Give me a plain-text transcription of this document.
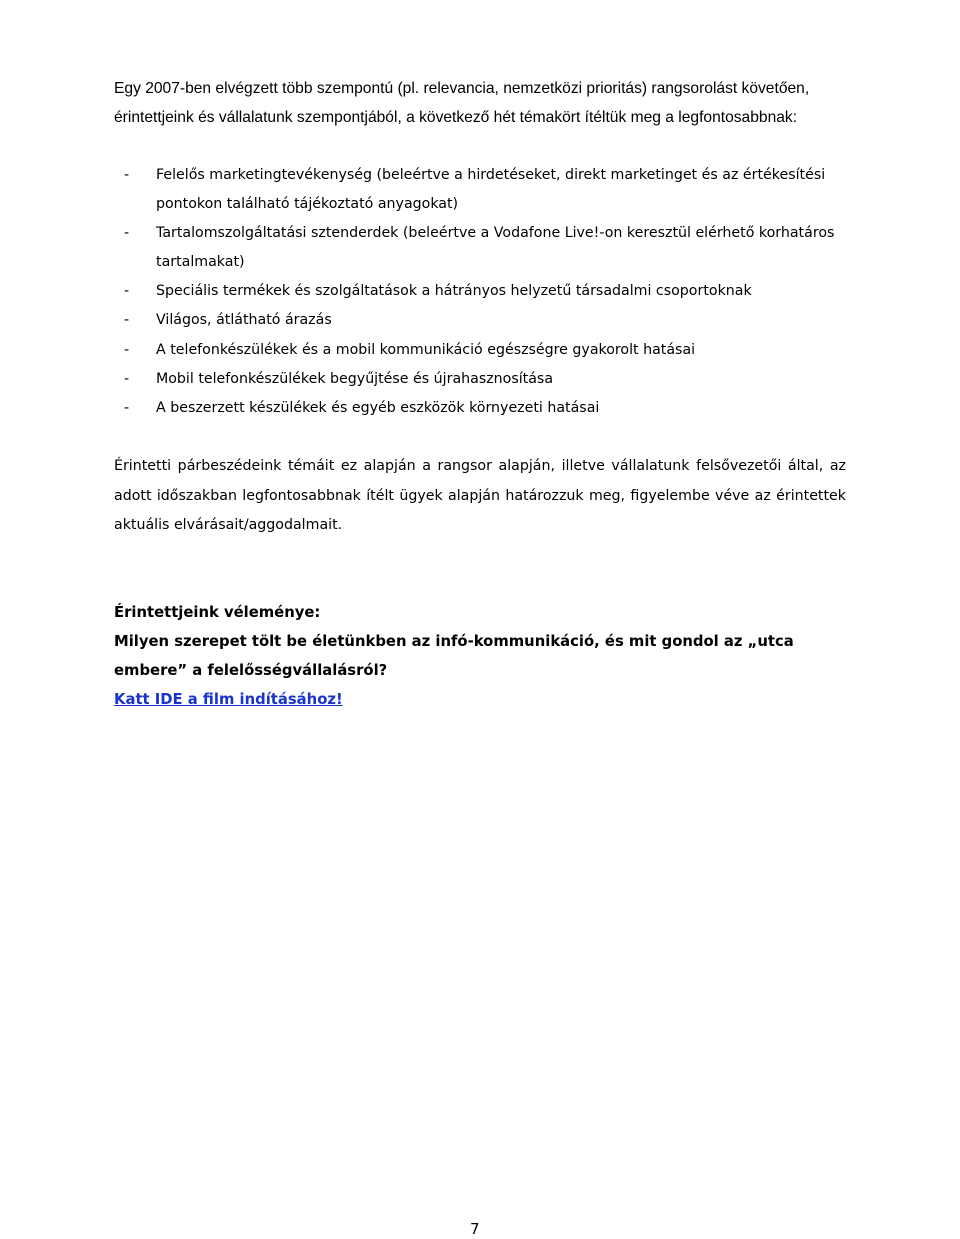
Egy 2007-ben elvégzett több szempontú (pl. relevancia, nemzetközi prioritás) rangsorolást követően, érintettjeink és vállalatunk szempontjából, a következő hét témakört ítéltük meg a legfontosabbnak:

- Felelős marketingtevékenység (beleértve a hirdetéseket, direkt marketinget és az értékesítési pontokon található tájékoztató anyagokat)
- Tartalomszolgáltatási sztenderdek (beleértve a Vodafone Live!-on keresztül elérhető korhatáros tartalmakat)
- Speciális termékek és szolgáltatások a hátrányos helyzetű társadalmi csoportoknak
- Világos, átlátható árazás
- A telefonkészülékek és a mobil kommunikáció egészségre gyakorolt hatásai
- Mobil telefonkészülékek begyűjtése és újrahasznosítása
- A beszerzett készülékek és egyéb eszközök környezeti hatásai

Érintetti párbeszédeink témáit ez alapján a rangsor alapján, illetve vállalatunk felsővezetői által, az adott időszakban legfontosabbnak ítélt ügyek alapján határozzuk meg, figyelembe véve az érintettek aktuális elvárásait/aggodalmait.

Érintettjeink véleménye:

Milyen szerepet tölt be életünkben az infó-kommunikáció, és mit gondol az „utca embere” a felelősségvállalásról?

Katt IDE a film indításához!

7
